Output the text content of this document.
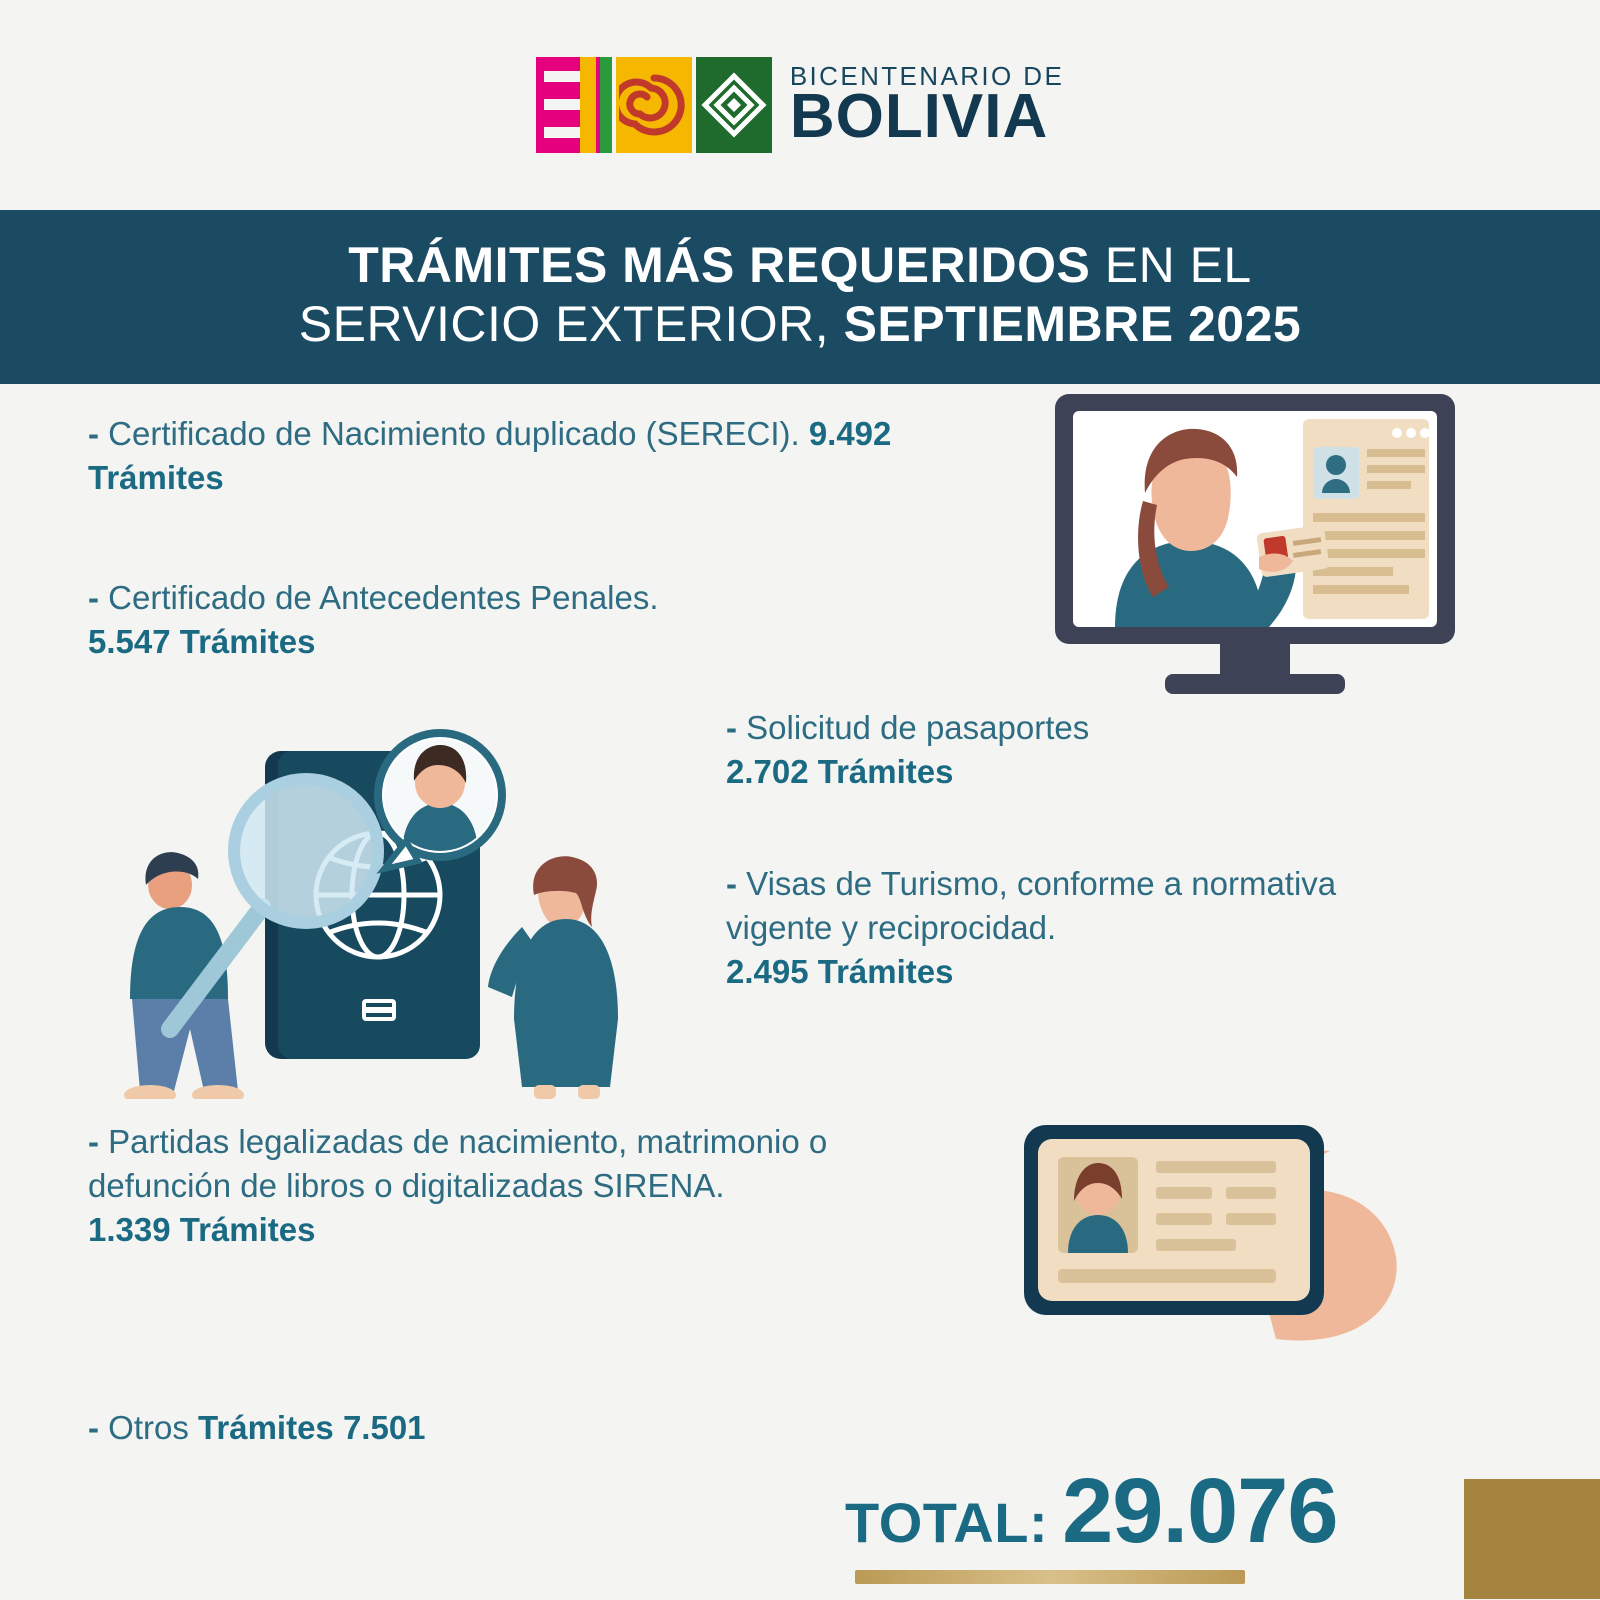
BICENTENARIO DE
BOLIVIA
TRÁMITES MÁS REQUERIDOS EN EL
SERVICIO EXTERIOR, SEPTIEMBRE 2025
- Certificado de Nacimiento duplicado (SERECI). 9.492 Trámites
- Certificado de Antecedentes Penales.
5.547 Trámites
- Solicitud de pasaportes
2.702 Trámites
- Visas de Turismo, conforme a normativa vigente y reciprocidad.
2.495 Trámites
- Partidas legalizadas de nacimiento, matrimonio o defunción de libros o digitalizadas SIRENA.
1.339 Trámites
- Otros Trámites 7.501
TOTAL: 29.076
